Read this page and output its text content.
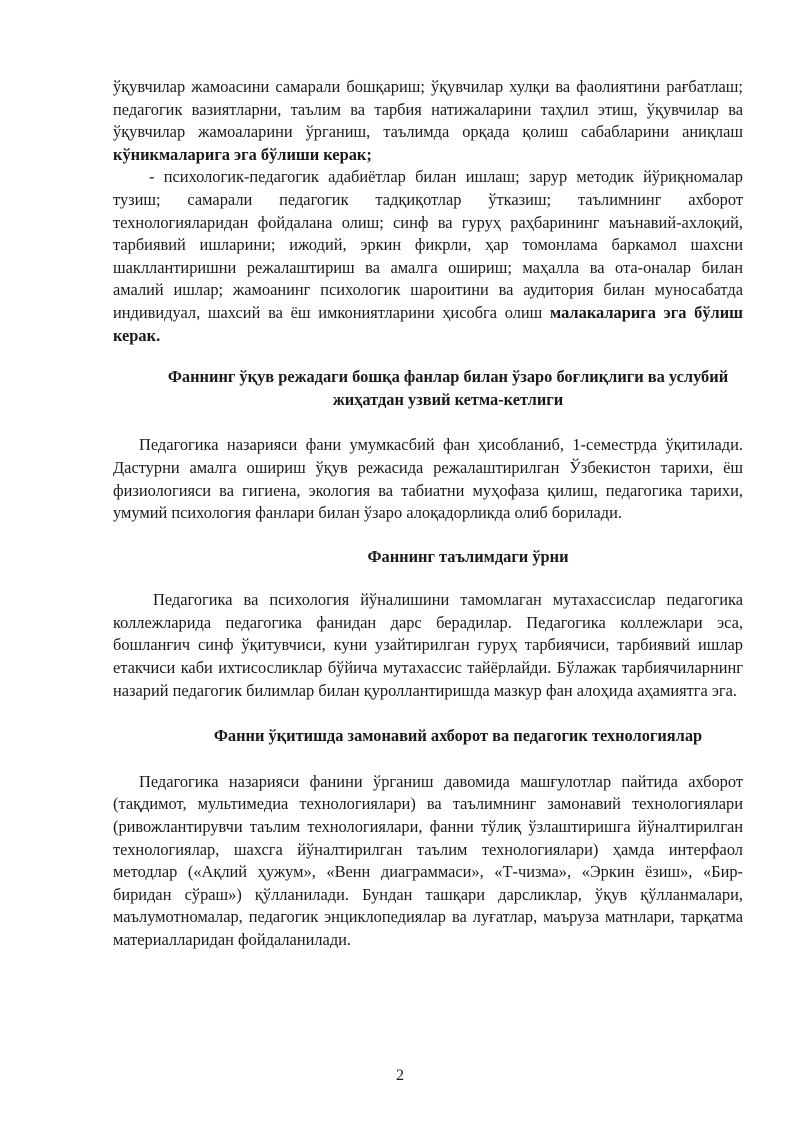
ўқувчилар жамоасини самарали бошқариш; ўқувчилар хулқи ва фаолиятини рағбатлаш; педагогик вазиятларни, таълим ва тарбия натижаларини таҳлил этиш, ўқувчилар ва ўқувчилар жамоаларини ўрганиш, таълимда орқада қолиш сабабларини аниқлаш кўникмаларига эга бўлиши керак;

- психологик-педагогик адабиётлар билан ишлаш; зарур методик йўриқномалар тузиш; самарали педагогик тадқиқотлар ўтказиш; таълимнинг ахборот технологияларидан фойдалана олиш; синф ва гуруҳ раҳбарининг маънавий-ахлоқий, тарбиявий ишларини; ижодий, эркин фикрли, ҳар томонлама баркамол шахсни шакллантиришни режалаштириш ва амалга ошириш; маҳалла ва ота-оналар билан амалий ишлар; жамоанинг психологик шароитини ва аудитория билан муносабатда индивидуал, шахсий ва ёш имкониятларини ҳисобга олиш малакаларига эга бўлиш керак.

Фаннинг ўқув режадаги бошқа фанлар билан ўзаро боғлиқлиги ва услубий жиҳатдан узвий кетма-кетлиги

Педагогика назарияси фани умумкасбий фан ҳисобланиб, 1-семестрда ўқитилади. Дастурни амалга ошириш ўқув режасида режалаштирилган Ўзбекистон тарихи, ёш физиологияси ва гигиена, экология ва табиатни муҳофаза қилиш, педагогика тарихи, умумий психология фанлари билан ўзаро алоқадорликда олиб борилади.

Фаннинг таълимдаги ўрни

Педагогика ва психология йўналишини тамомлаган мутахассислар педагогика коллежларида педагогика фанидан дарс берадилар. Педагогика коллежлари эса, бошланғич синф ўқитувчиси, куни узайтирилган гуруҳ тарбиячиси, тарбиявий ишлар етакчиси каби ихтисосликлар бўйича мутахассис тайёрлайди. Бўлажак тарбиячиларнинг назарий педагогик билимлар билан қуроллантиришда мазкур фан алоҳида аҳамиятга эга.

Фанни ўқитишда замонавий ахборот ва педагогик технологиялар

Педагогика назарияси фанини ўрганиш давомида машғулотлар пайтида ахборот (тақдимот, мультимедиа технологиялари) ва таълимнинг замонавий технологиялари (ривожлантирувчи таълим технологиялари, фанни тўлиқ ўзлаштиришга йўналтирилган технологиялар, шахсга йўналтирилган таълим технологиялари) ҳамда интерфаол методлар («Ақлий ҳужум», «Венн диаграммаси», «Т-чизма», «Эркин ёзиш», «Бир-биридан сўраш») қўлланилади. Бундан ташқари дарсликлар, ўқув қўлланмалари, маълумотномалар, педагогик энциклопедиялар ва луғатлар, маъруза матнлари, тарқатма материалларидан фойдаланилади.

2
